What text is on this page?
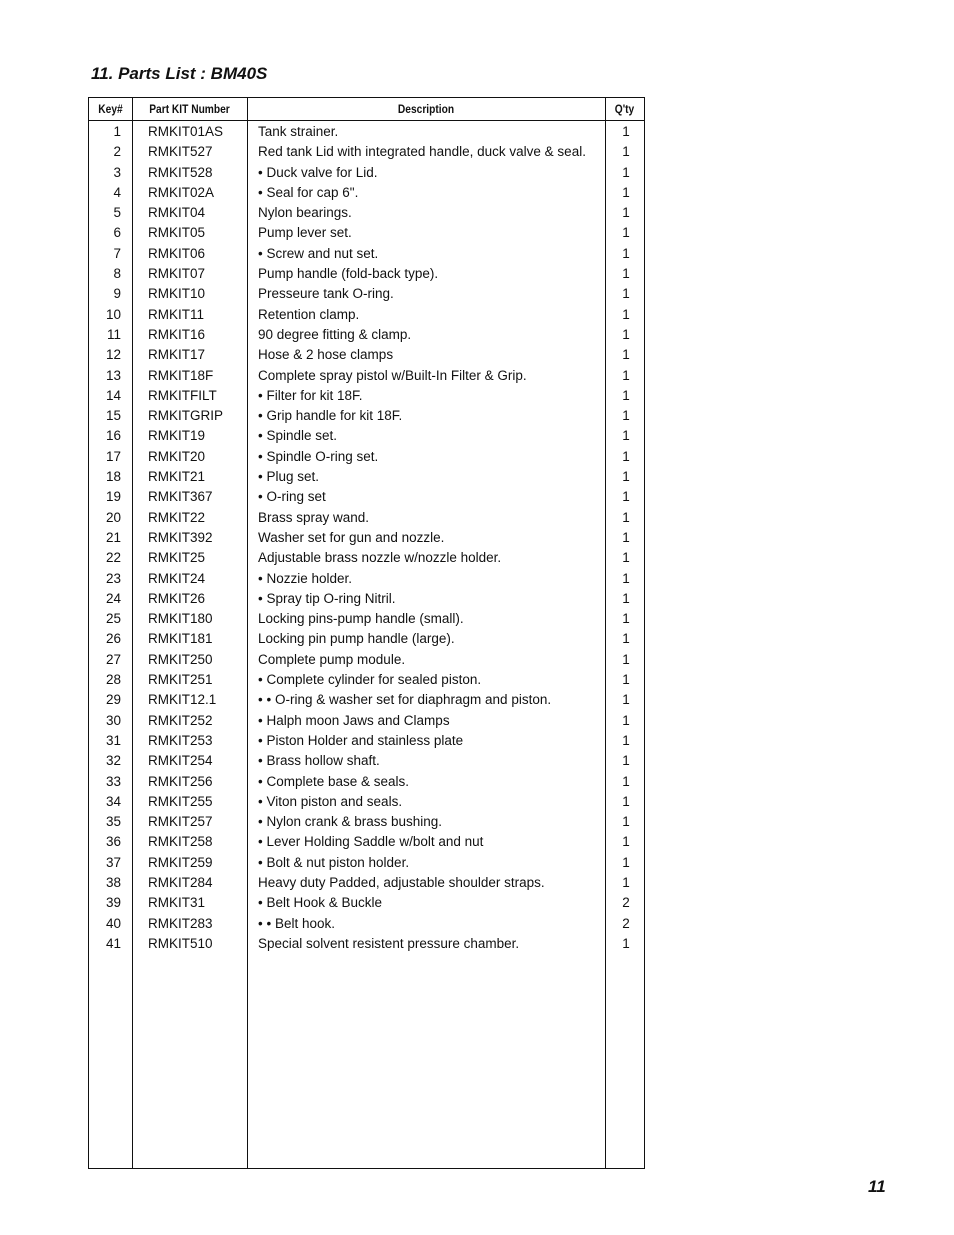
11. Parts List : BM40S
Key#	Part KIT Number	Description	Q'ty
1 RMKIT01AS	Tank strainer.	1
2 RMKIT527	Red tank Lid with integrated handle, duck valve & seal.	1
3 RMKIT528	• Duck valve for Lid.	1
4 RMKIT02A	• Seal for cap 6".	1
5 RMKIT04	Nylon bearings.	1
6 RMKIT05	Pump lever set.	1
7 RMKIT06	• Screw and nut set.	1
8 RMKIT07	Pump handle (fold-back type).	1
9 RMKIT10	Presseure tank O-ring.	1
10 RMKIT11	Retention clamp.	1
11 RMKIT16	90 degree fitting & clamp.	1
12 RMKIT17	Hose & 2 hose clamps	1
13 RMKIT18F	Complete spray pistol w/Built-In Filter & Grip.	1
14 RMKITFILT	• Filter for kit 18F.	1
15 RMKITGRIP	• Grip handle for kit 18F.	1
16 RMKIT19	• Spindle set.	1
17 RMKIT20	• Spindle O-ring set.	1
18 RMKIT21	• Plug set.	1
19 RMKIT367	• O-ring set	1
20 RMKIT22	Brass spray wand.	1
21 RMKIT392	Washer set for gun and nozzle.	1
22 RMKIT25	Adjustable brass nozzle w/nozzle holder.	1
23 RMKIT24	• Nozzie holder.	1
24 RMKIT26	• Spray tip O-ring Nitril.	1
25 RMKIT180	Locking pins-pump handle (small).	1
26 RMKIT181	Locking pin pump handle (large).	1
27 RMKIT250	Complete pump module.	1
28 RMKIT251	• Complete cylinder for sealed piston.	1
29 RMKIT12.1	• • O-ring & washer set for diaphragm and piston.	1
30 RMKIT252	• Halph moon Jaws and Clamps	1
31 RMKIT253	• Piston Holder and stainless plate	1
32 RMKIT254	• Brass hollow shaft.	1
33 RMKIT256	• Complete base & seals.	1
34 RMKIT255	• Viton piston and seals.	1
35 RMKIT257	• Nylon crank & brass bushing.	1
36 RMKIT258	• Lever Holding Saddle w/bolt and nut	1
37 RMKIT259	• Bolt & nut piston holder.	1
38 RMKIT284	Heavy duty Padded, adjustable shoulder straps.	1
39 RMKIT31	• Belt Hook & Buckle	2
40 RMKIT283	• • Belt hook.	2
41 RMKIT510	Special solvent resistent pressure chamber.	1
11
